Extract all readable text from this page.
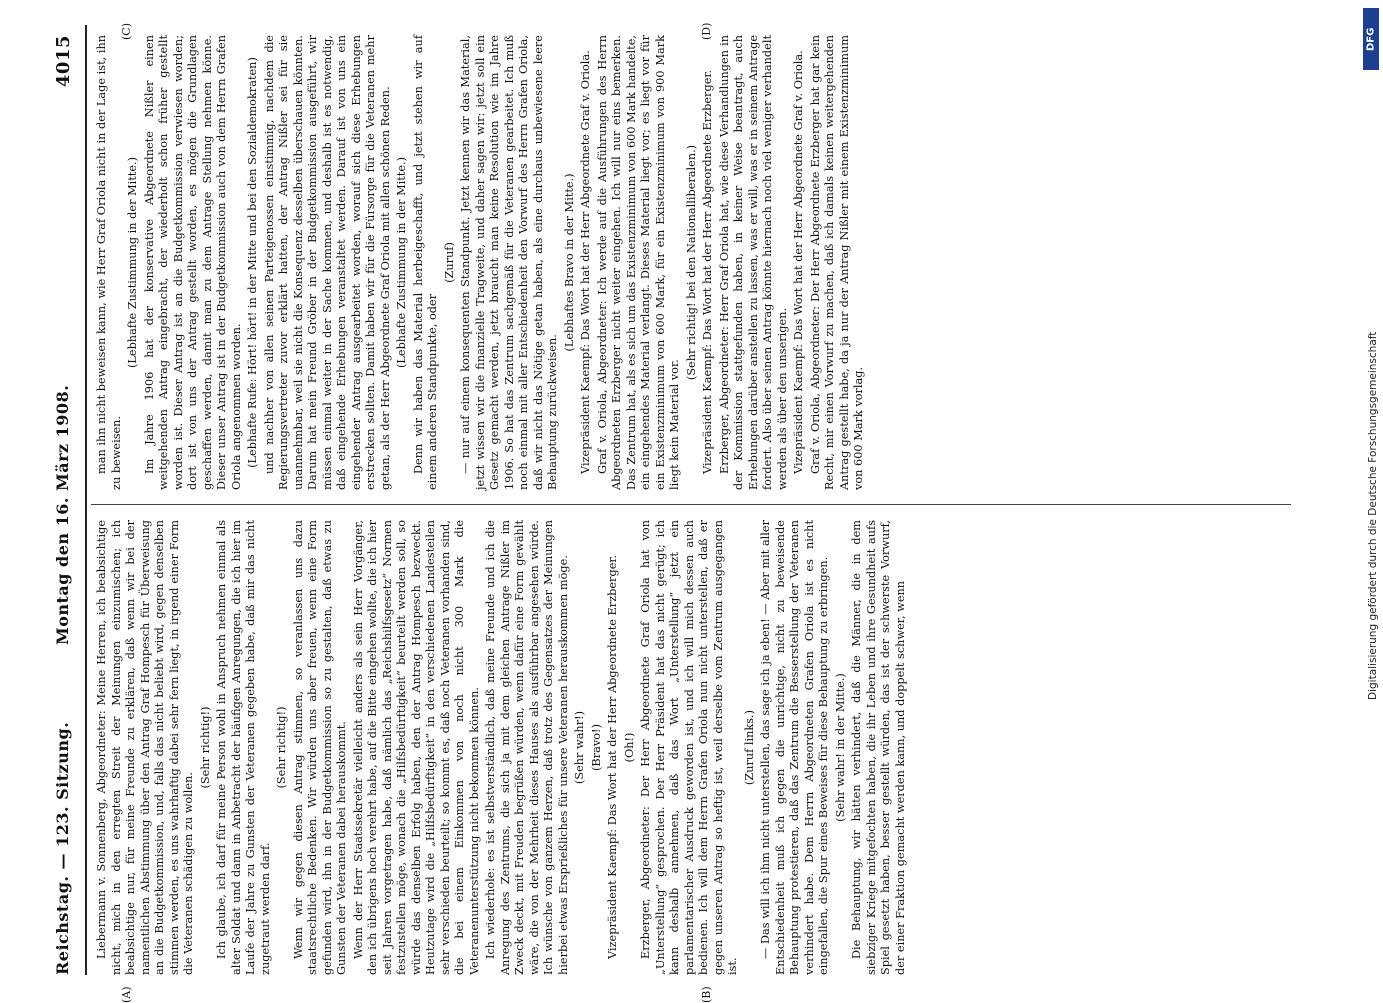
Reichstag. — 123. Sitzung.
Montag den 16. März 1908.
4015
(A)	(B)
(C)	(D)

Liebermann v. Sonnenberg, Abgeordneter: Meine Herren, ich beabsichtige nicht, mich in den erregten Streit der Meinungen einzumischen; ich beabsichtige nur, für meine Freunde zu erklären, daß wenn wir bei der namentlichen Abstimmung über den Antrag Graf Hompesch für Überweisung an die Budgetkommission, und, falls das nicht beliebt wird, gegen denselben stimmen werden, es uns wahrhaftig dabei sehr fern liegt, in irgend einer Form die Veteranen schädigen zu wollen.

(Sehr richtig!) Ich glaube, ich darf für meine Person wohl in Anspruch nehmen einmal als alter Soldat und dann in Anbetracht der häufigen Anregungen, die ich hier im Laufe der Jahre zu Gunsten der Veteranen gegeben habe, daß mir das nicht zugetraut werden darf.

(Sehr richtig!) Wenn wir gegen diesen Antrag stimmen, so veranlassen uns dazu staatsrechtliche Bedenken. Wir würden uns aber freuen, wenn eine Form gefunden wird, ihn in der Budgetkommission so zu gestalten, daß etwas zu Gunsten der Veteranen dabei herauskommt. Wenn der Herr Staatssekretär vielleicht anders als sein Herr Vorgänger, den ich übrigens hoch verehrt habe, auf die Bitte eingehen wollte, die ich hier seit Jahren vorgetragen habe, daß nämlich das „Reichshilfsgesetz“ Normen festzustellen möge, wonach die „Hilfsbedürftigkeit“ beurteilt werden soll, so würde das denselben Erfolg haben, den der Antrag Hompesch bezweckt. Heutzutage wird die „Hilfsbedürftigkeit“ in den verschiedenen Landesteilen sehr verschieden beurteilt; so kommt es, daß noch Veteranen vorhanden sind, die bei einem Einkommen von noch nicht 300 Mark die Veteranenunterstützung nicht bekommen können. Ich wiederhole: es ist selbstverständlich, daß meine Freunde und ich die Anregung des Zentrums, die sich ja mit dem gleichen Antrage Nißler im Zweck deckt, mit Freuden begrüßen würden, wenn dafür eine Form gewählt wäre, die von der Mehrheit dieses Hauses als ausführbar angesehen würde. Ich wünsche von ganzem Herzen, daß trotz des Gegensatzes der Meinungen hierbei etwas Ersprießliches für unsere Veteranen herauskommen möge. (Sehr wahr!) (Bravo!) Vizepräsident Kaempf: Das Wort hat der Herr Abgeordnete Erzberger. (Oh!) Erzberger, Abgeordneter: Der Herr Abgeordnete Graf Oriola hat von „Unterstellung“ gesprochen. Der Herr Präsident hat das nicht gerügt; ich kann deshalb annehmen, daß das Wort „Unterstellung“ jetzt ein parlamentarischer Ausdruck geworden ist, und ich will mich dessen auch bedienen. Ich will dem Herrn Grafen Oriola nun nicht unterstellen, daß er gegen unseren Antrag so heftig ist, weil derselbe vom Zentrum ausgegangen ist.

(Zuruf links.) — Das will ich ihm nicht unterstellen, das sage ich ja eben! — Aber mit aller Entschiedenheit muß ich gegen die unrichtige, nicht zu beweisende Behauptung protestieren, daß das Zentrum die Besserstellung der Veteranen verhindert habe. Dem Herrn Abgeordneten Grafen Oriola ist es nicht eingefallen, die Spur eines Beweises für diese Behauptung zu erbringen. (Sehr wahr! in der Mitte.) Die Behauptung, wir hätten verhindert, daß die Männer, die in dem siebziger Kriege mitgefochten haben, die ihr Leben und ihre Gesundheit aufs Spiel gesetzt haben, besser gestellt würden, das ist der schwerste Vorwurf, der einer Fraktion gemacht werden kann, und doppelt schwer, wenn

man ihn nicht beweisen kann, wie Herr Graf Oriola nicht in der Lage ist, ihn zu beweisen.

(Lebhafte Zustimmung in der Mitte.) Im Jahre 1906 hat der konservative Abgeordnete Nißler einen weitgehenden Antrag eingebracht, der wiederholt schon früher gestellt worden ist. Dieser Antrag ist an die Budgetkommission verwiesen worden; dort ist von uns der Antrag gestellt worden, es mögen die Grundlagen geschaffen werden, damit man zu dem Antrage Stellung nehmen könne. Dieser unser Antrag ist in der Budgetkommission auch von dem Herrn Grafen Oriola angenommen worden. (Lebhafte Rufe: Hört! hört! in der Mitte und bei den Sozialdemokraten) und nachher von allen seinen Parteigenossen einstimmig, nachdem die Regierungsvertreter zuvor erklärt hatten, der Antrag Nißler sei für sie unannehmbar, weil sie nicht die Konsequenz desselben überschauen könnten. Darum hat mein Freund Gröber in der Budgetkommission ausgeführt, wir müssen einmal weiter in der Sache kommen, und deshalb ist es notwendig, daß eingehende Erhebungen veranstaltet werden. Darauf ist von uns ein eingehender Antrag ausgearbeitet worden, worauf sich diese Erhebungen erstrecken sollten. Damit haben wir für die Fürsorge für die Veteranen mehr getan, als der Herr Abgeordnete Graf Oriola mit allen schönen Reden. (Lebhafte Zustimmung in der Mitte.) Denn wir haben das Material herbeigeschafft, und jetzt stehen wir auf einem anderen Standpunkte, oder

(Zuruf) — nur auf einem konsequenten Standpunkt. Jetzt kennen wir das Material, jetzt wissen wir die finanzielle Tragweite, und daher sagen wir: jetzt soll ein Gesetz gemacht werden, jetzt braucht man keine Resolution wie im Jahre 1906. So hat das Zentrum sachgemäß für die Veteranen gearbeitet. Ich muß noch einmal mit aller Entschiedenheit den Vorwurf des Herrn Grafen Oriola, daß wir nicht das Nötige getan haben, als eine durchaus unbewiesene leere Behauptung zurückweisen.

(Lebhaftes Bravo in der Mitte.) Vizepräsident Kaempf: Das Wort hat der Herr Abgeordnete Graf v. Oriola. Graf v. Oriola, Abgeordneter: Ich werde auf die Ausführungen des Herrn Abgeordneten Erzberger nicht weiter eingehen. Ich will nur eins bemerken. Das Zentrum hat, als es sich um das Existenzminimum von 600 Mark handelte, ein eingehendes Material verlangt. Dieses Material liegt vor; es liegt vor für ein Existenzminimum von 600 Mark, für ein Existenzminimum von 900 Mark liegt kein Material vor.

(Sehr richtig! bei den Nationalliberalen.) Vizepräsident Kaempf: Das Wort hat der Herr Abgeordnete Erzberger. Erzberger, Abgeordneter: Herr Graf Oriola hat, wie diese Verhandlungen in der Kommission stattgefunden haben, in keiner Weise beantragt, auch Erhebungen darüber anstellen zu lassen, was er will, was er in seinem Antrage fordert. Also über seinen Antrag könnte hiernach noch viel weniger verhandelt werden als über den unserigen. Vizepräsident Kaempf: Das Wort hat der Herr Abgeordnete Graf v. Oriola. Graf v. Oriola, Abgeordneter: Der Herr Abgeordnete Erzberger hat gar kein Recht, mir einen Vorwurf zu machen, daß ich damals keinen weitergehenden Antrag gestellt habe, da ja nur der Antrag Nißler mit einem Existenzminimum von 600 Mark vorlag.

DFG
Digitalisierung gefördert durch die Deutsche Forschungsgemeinschaft
